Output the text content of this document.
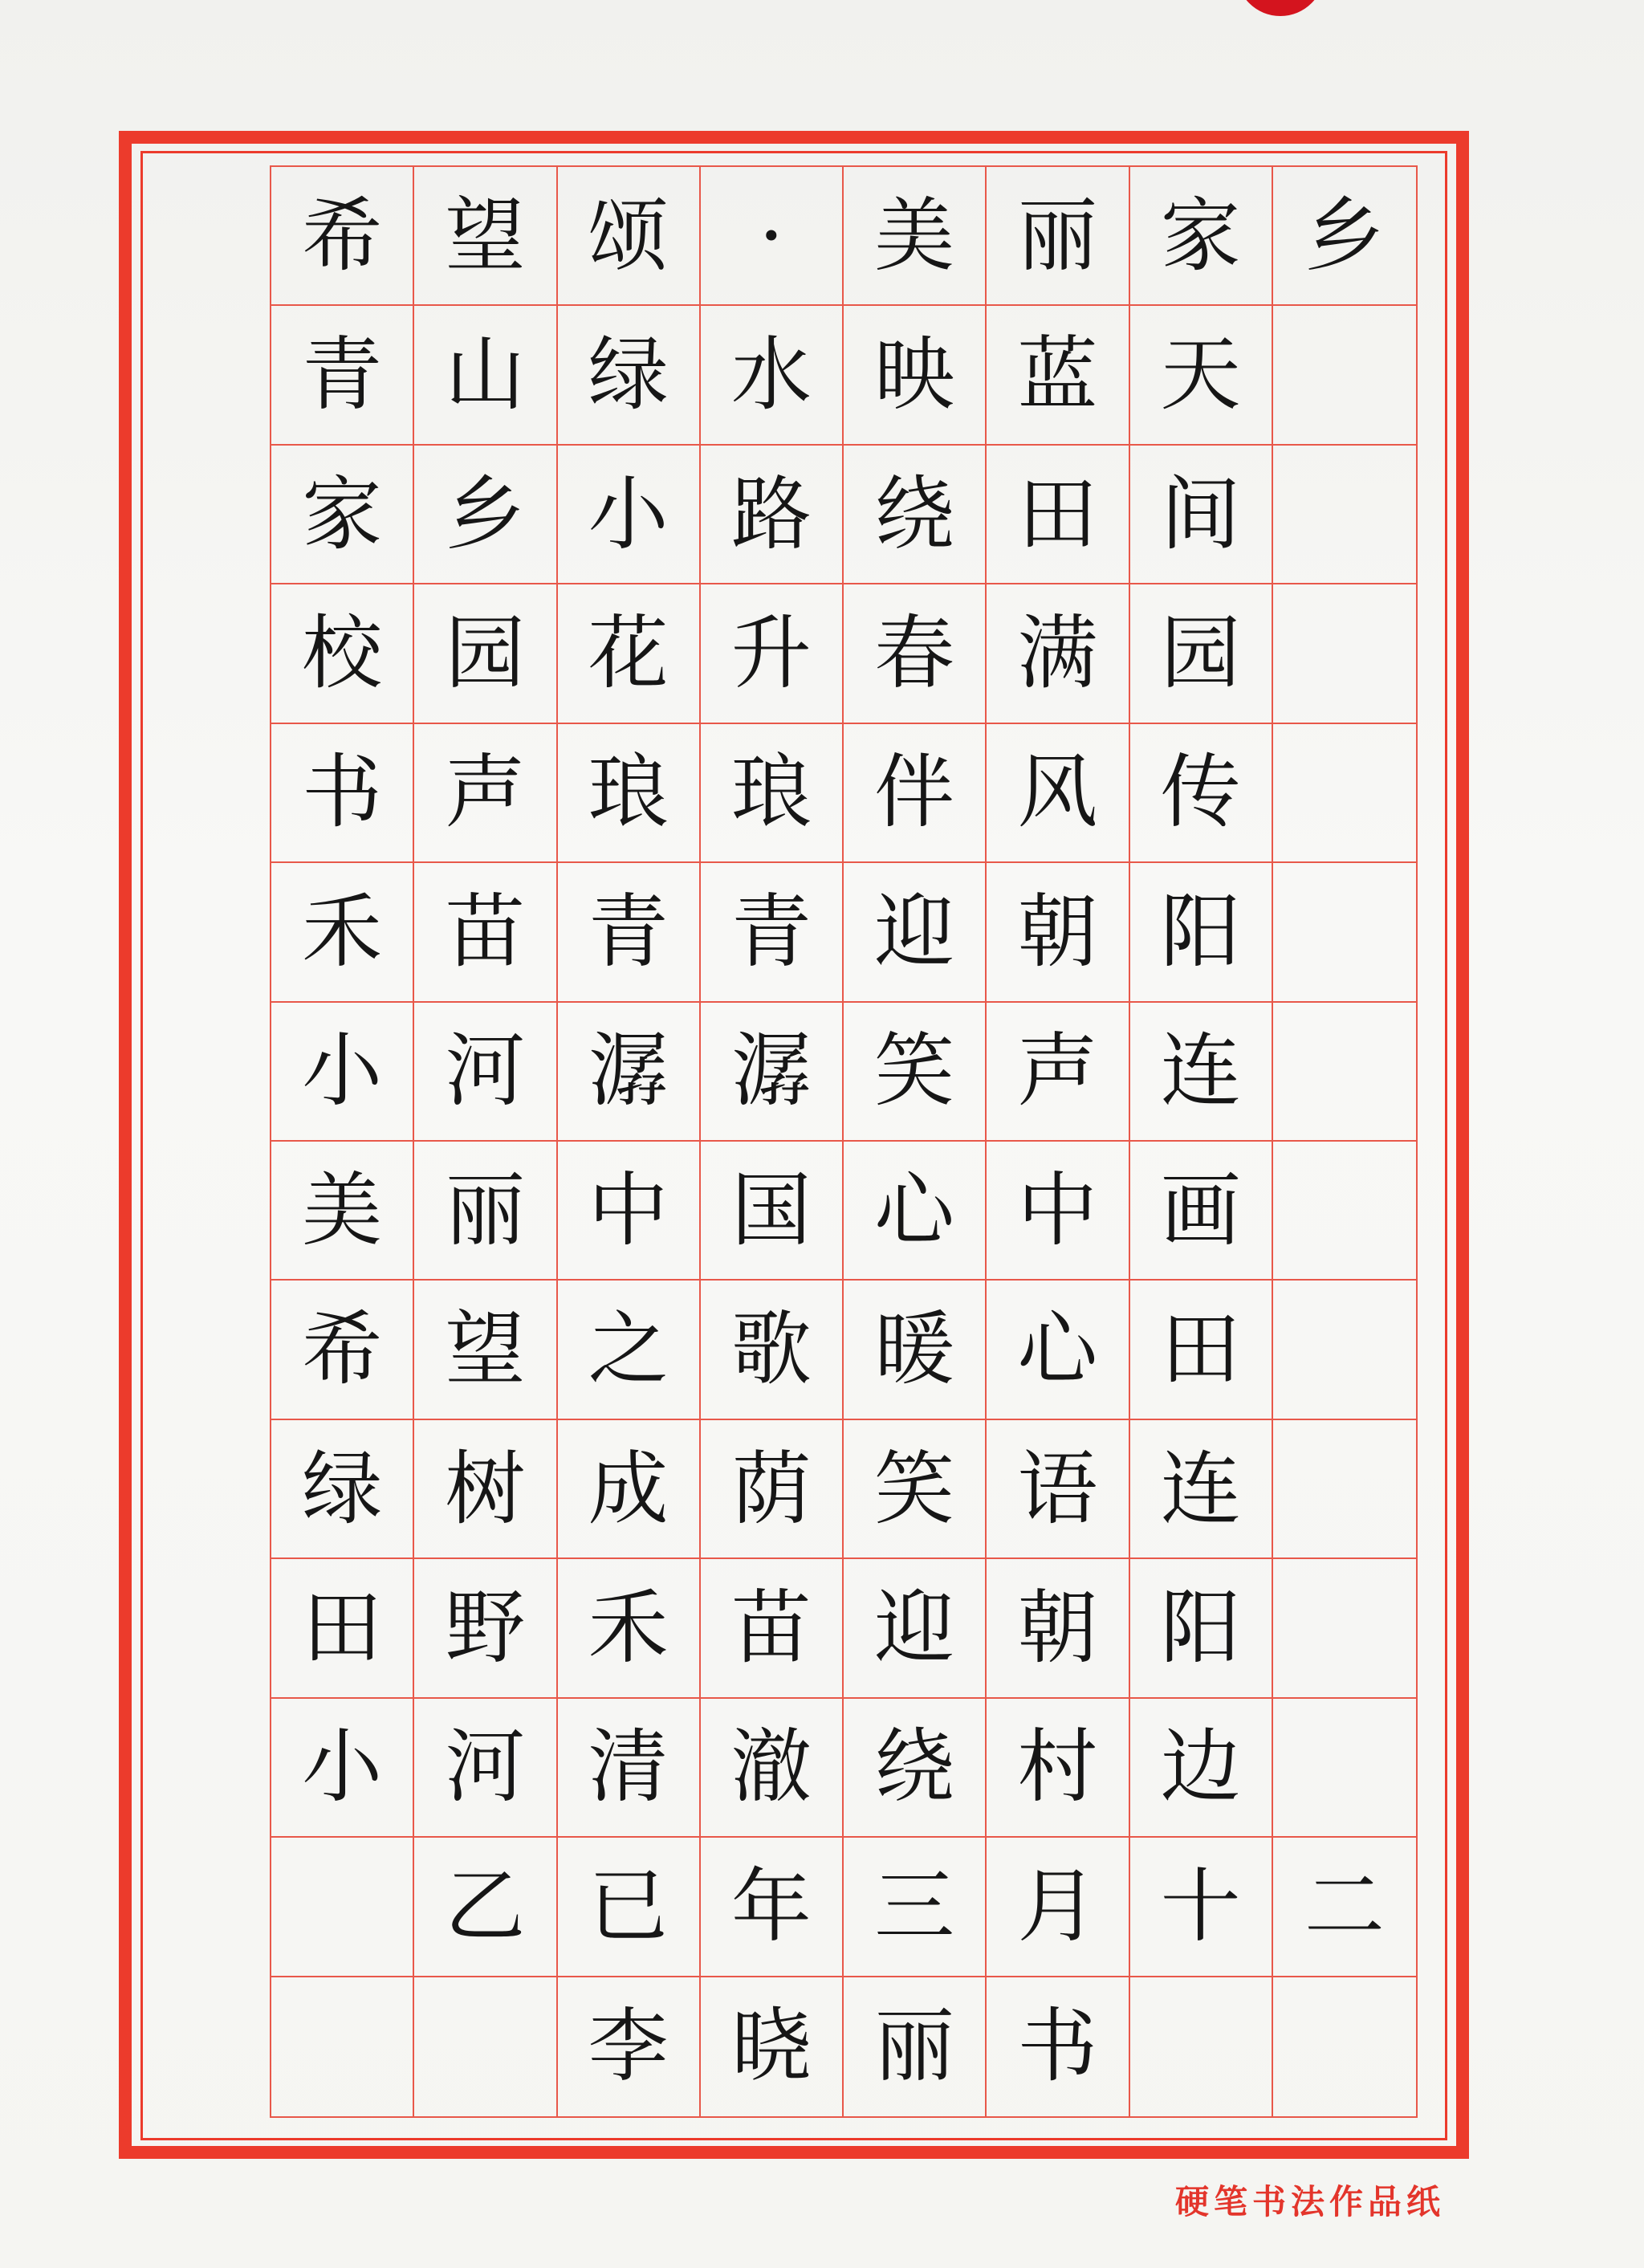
希 望 颂	·	美 丽 家 乡
青 山 绿 水 映 蓝 天
家 乡 小 路 绕 田 间
校 园 花 升 春 满 园
书 声 琅 琅 伴 风 传
禾 苗 青 青 迎 朝 阳
小 河 潺 潺 笑 声 连
美 丽 中 国 心 中 画
希 望 之 歌 暖 心 田
绿 树 成 荫 笑 语 连
田 野 禾 苗 迎 朝 阳
小 河 清 澈 绕 村 边
乙 已 年 三 月 十 二
李 晓 丽 书
硬笔书法作品纸
